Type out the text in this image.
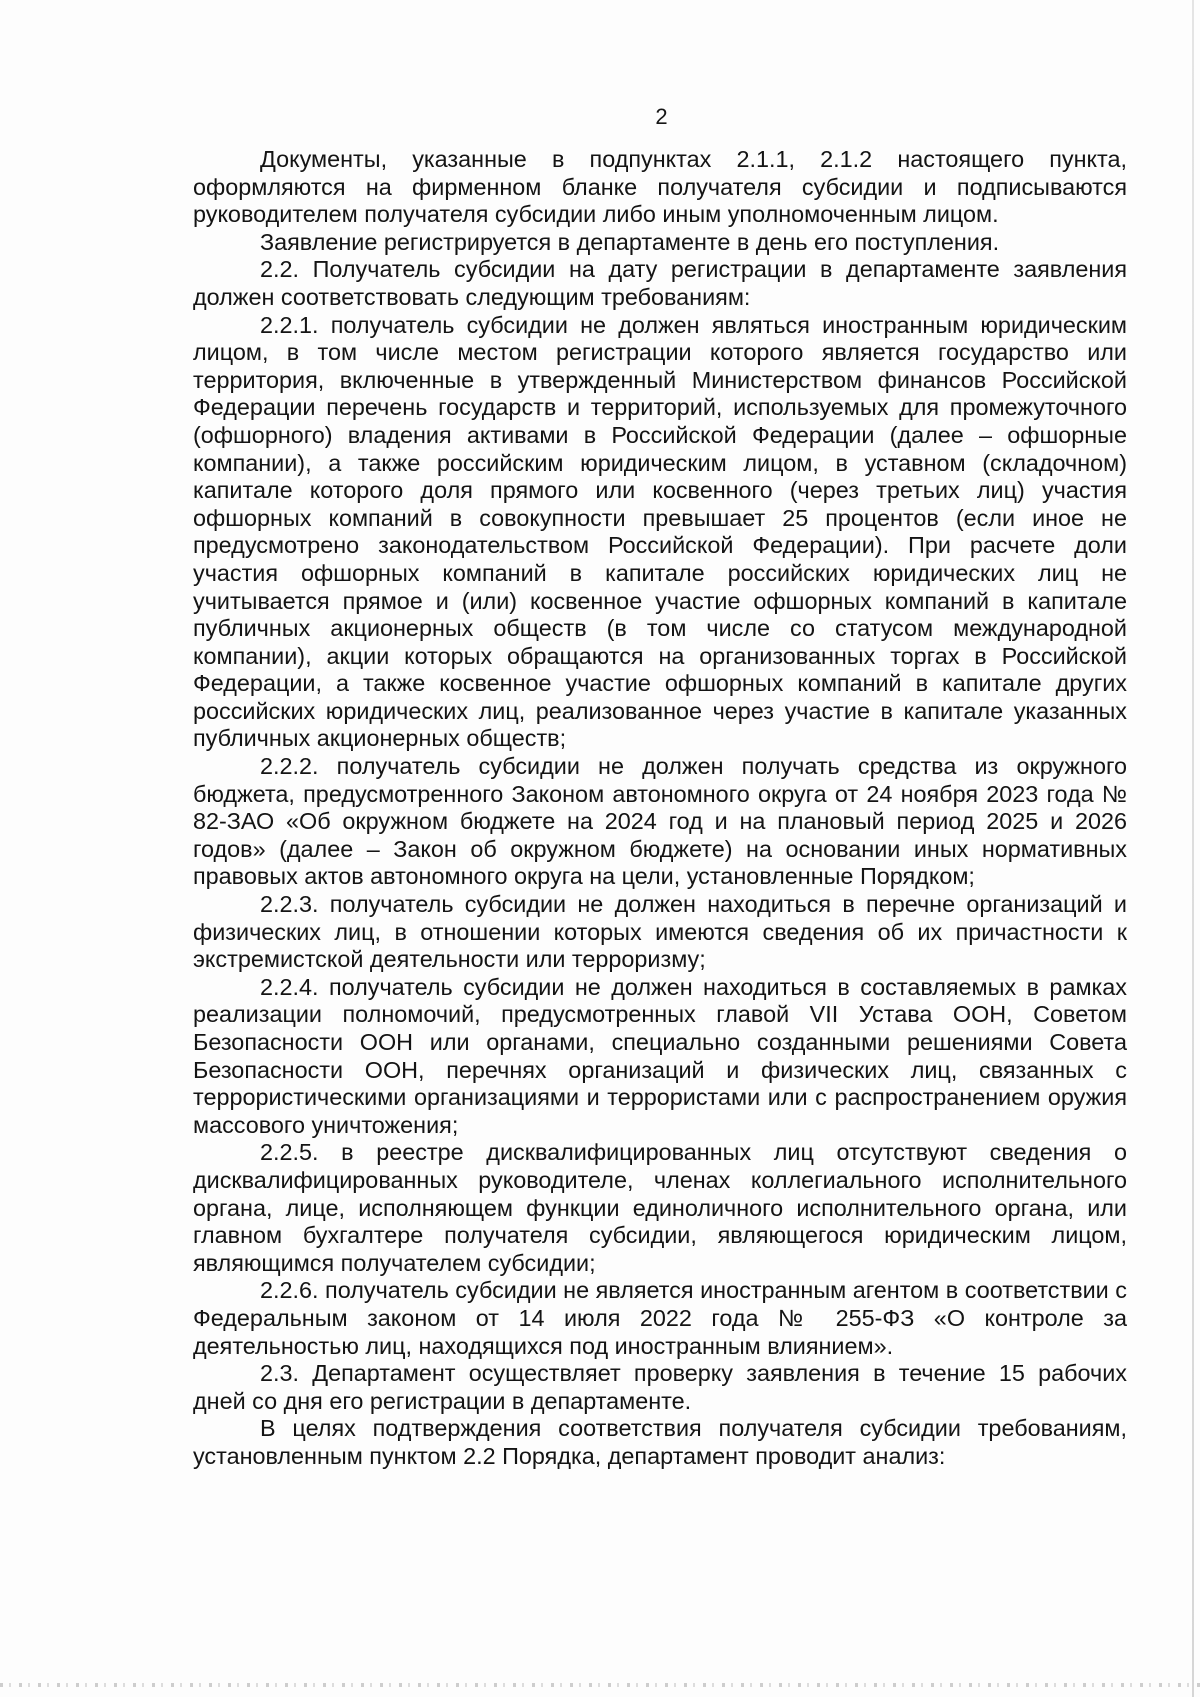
2

Документы, указанные в подпунктах 2.1.1, 2.1.2 настоящего пункта, оформляются на фирменном бланке получателя субсидии и подписываются руководителем получателя субсидии либо иным уполномоченным лицом.

Заявление регистрируется в департаменте в день его поступления.

2.2. Получатель субсидии на дату регистрации в департаменте заявления должен соответствовать следующим требованиям:

2.2.1. получатель субсидии не должен являться иностранным юридическим лицом, в том числе местом регистрации которого является государство или территория, включенные в утвержденный Министерством финансов Российской Федерации перечень государств и территорий, используемых для промежуточного (офшорного) владения активами в Российской Федерации (далее – офшорные компании), а также российским юридическим лицом, в уставном (складочном) капитале которого доля прямого или косвенного (через третьих лиц) участия офшорных компаний в совокупности превышает 25 процентов (если иное не предусмотрено законодательством Российской Федерации). При расчете доли участия офшорных компаний в капитале российских юридических лиц не учитывается прямое и (или) косвенное участие офшорных компаний в капитале публичных акционерных обществ (в том числе со статусом международной компании), акции которых обращаются на организованных торгах в Российской Федерации, а также косвенное участие офшорных компаний в капитале других российских юридических лиц, реализованное через участие в капитале указанных публичных акционерных обществ;

2.2.2. получатель субсидии не должен получать средства из окружного бюджета, предусмотренного Законом автономного округа от 24 ноября 2023 года № 82-ЗАО «Об окружном бюджете на 2024 год и на плановый период 2025 и 2026 годов» (далее – Закон об окружном бюджете) на основании иных нормативных правовых актов автономного округа на цели, установленные Порядком;

2.2.3. получатель субсидии не должен находиться в перечне организаций и физических лиц, в отношении которых имеются сведения об их причастности к экстремистской деятельности или терроризму;

2.2.4. получатель субсидии не должен находиться в составляемых в рамках реализации полномочий, предусмотренных главой VII Устава ООН, Советом Безопасности ООН или органами, специально созданными решениями Совета Безопасности ООН, перечнях организаций и физических лиц, связанных с террористическими организациями и террористами или с распространением оружия массового уничтожения;

2.2.5. в реестре дисквалифицированных лиц отсутствуют сведения о дисквалифицированных руководителе, членах коллегиального исполнительного органа, лице, исполняющем функции единоличного исполнительного органа, или главном бухгалтере получателя субсидии, являющегося юридическим лицом, являющимся получателем субсидии;

2.2.6. получатель субсидии не является иностранным агентом в соответствии с Федеральным законом от 14 июля 2022 года № 255-ФЗ «О контроле за деятельностью лиц, находящихся под иностранным влиянием».

2.3. Департамент осуществляет проверку заявления в течение 15 рабочих дней со дня его регистрации в департаменте.

В целях подтверждения соответствия получателя субсидии требованиям, установленным пунктом 2.2 Порядка, департамент проводит анализ:
